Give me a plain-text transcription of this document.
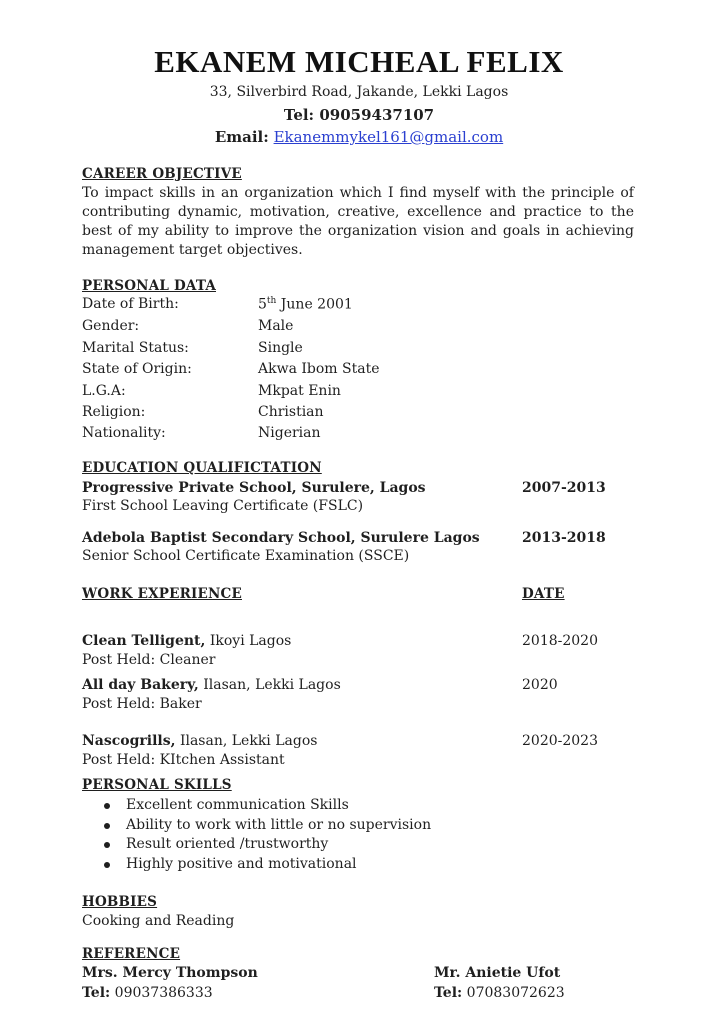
EKANEM MICHEAL FELIX
33, Silverbird Road, Jakande, Lekki Lagos
Tel: 09059437107
Email: Ekanemmykel161@gmail.com
CAREER OBJECTIVE
To impact skills in an organization which I find myself with the principle of contributing dynamic, motivation, creative, excellence and practice to the best of my ability to improve the organization vision and goals in achieving management target objectives.
PERSONAL DATA
Date of Birth:	5th June 2001
Gender:	Male
Marital Status:	Single
State of Origin:	Akwa Ibom State
L.G.A:	Mkpat Enin
Religion:	Christian
Nationality:	Nigerian
EDUCATION QUALIFICTATION
Progressive Private School, Surulere, Lagos	2007-2013
First School Leaving Certificate (FSLC)
Adebola Baptist Secondary School, Surulere Lagos	2013-2018
Senior School Certificate Examination (SSCE)
WORK EXPERIENCE	DATE
Clean Telligent, Ikoyi Lagos	2018-2020
Post Held: Cleaner
All day Bakery, Ilasan, Lekki Lagos	2020
Post Held: Baker
Nascogrills, Ilasan, Lekki Lagos	2020-2023
Post Held: KItchen Assistant
PERSONAL SKILLS
Excellent communication Skills
Ability to work with little or no supervision
Result oriented /trustworthy
Highly positive and motivational
HOBBIES
Cooking and Reading
REFERENCE
Mrs. Mercy Thompson
Tel: 09037386333
Mr. Anietie Ufot
Tel: 07083072623
